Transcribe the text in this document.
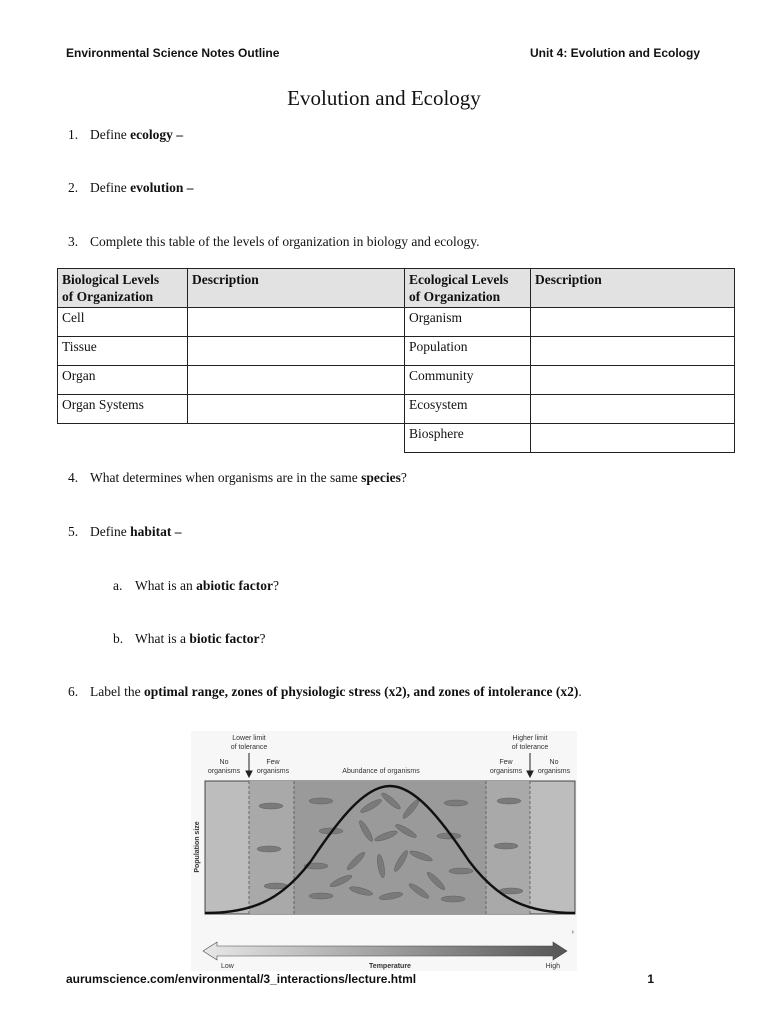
Environmental Science Notes Outline	Unit 4: Evolution and Ecology
Evolution and Ecology
1. Define ecology –
2. Define evolution –
3. Complete this table of the levels of organization in biology and ecology.
Biological Levels
of Organization	Description	Ecological Levels
of Organization	Description
Cell		Organism	
Tissue		Population	
Organ		Community	
Organ Systems		Ecosystem	
		Biosphere	
4. What determines when organisms are in the same species?
5. Define habitat –
a. What is an abiotic factor?
b. What is a biotic factor?
6. Label the optimal range, zones of physiologic stress (x2), and zones of intolerance (x2).
Lower limit
of tolerance
Higher limit
of tolerance
No
organisms
Few
organisms	Abundance of organisms
Few
organisms
No
organisms
Population size
›
Low	Temperature	High
aurumscience.com/environmental/3_interactions/lecture.html	1
